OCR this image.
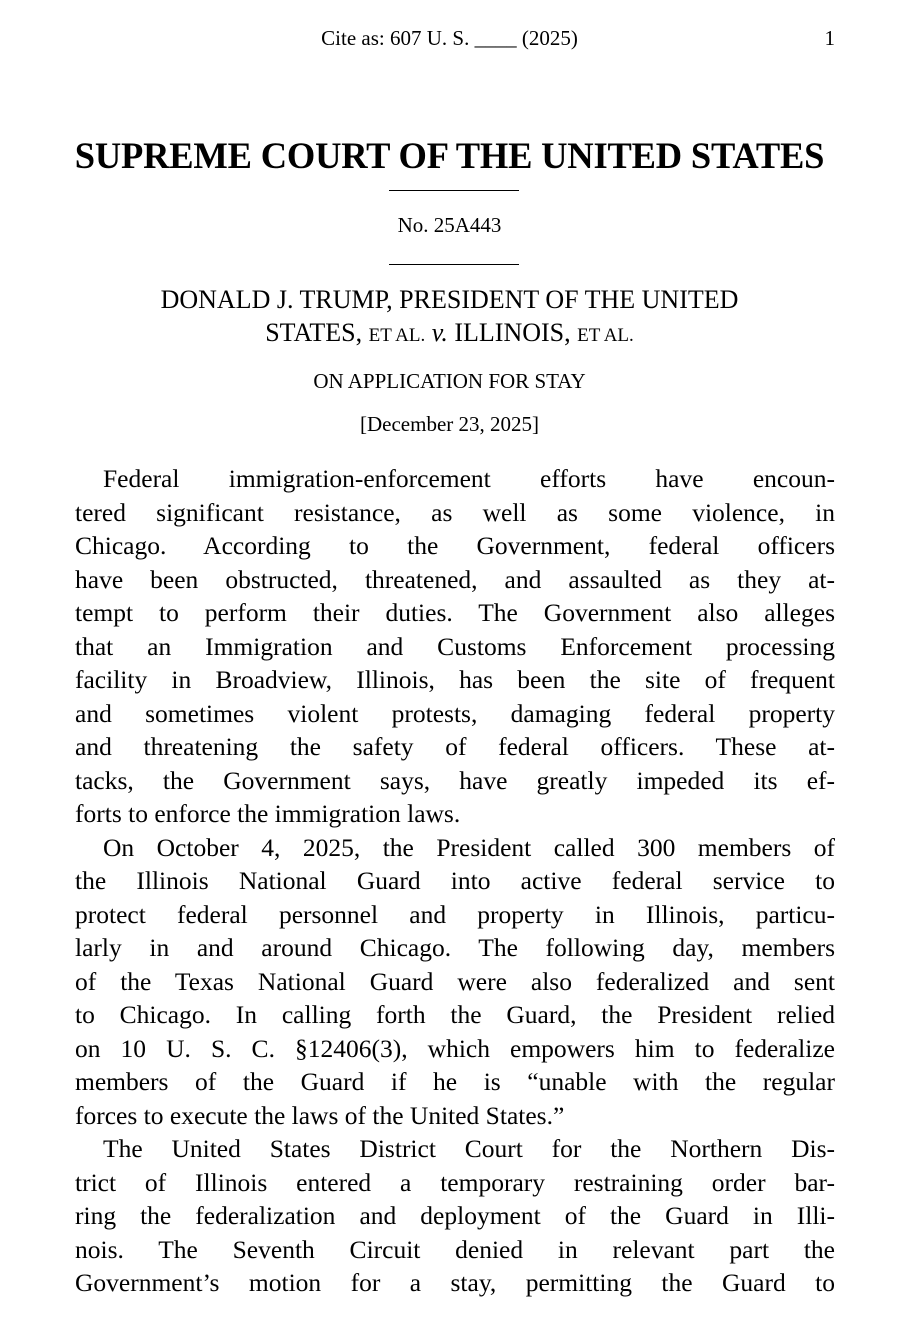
Cite as: 607 U. S. ____ (2025)	1
SUPREME COURT OF THE UNITED STATES
No. 25A443
DONALD J. TRUMP, PRESIDENT OF THE UNITED
STATES, ET AL. v. ILLINOIS, ET AL.
ON APPLICATION FOR STAY
[December 23, 2025]
Federal immigration-enforcement efforts have encoun-
tered significant resistance, as well as some violence, in
Chicago. According to the Government, federal officers
have been obstructed, threatened, and assaulted as they at-
tempt to perform their duties. The Government also alleges
that an Immigration and Customs Enforcement processing
facility in Broadview, Illinois, has been the site of frequent
and sometimes violent protests, damaging federal property
and threatening the safety of federal officers. These at-
tacks, the Government says, have greatly impeded its ef-
forts to enforce the immigration laws.
On October 4, 2025, the President called 300 members of
the Illinois National Guard into active federal service to
protect federal personnel and property in Illinois, particu-
larly in and around Chicago. The following day, members
of the Texas National Guard were also federalized and sent
to Chicago. In calling forth the Guard, the President relied
on 10 U. S. C. §12406(3), which empowers him to federalize
members of the Guard if he is “unable with the regular
forces to execute the laws of the United States.”
The United States District Court for the Northern Dis-
trict of Illinois entered a temporary restraining order bar-
ring the federalization and deployment of the Guard in Illi-
nois. The Seventh Circuit denied in relevant part the
Government’s motion for a stay, permitting the Guard to
